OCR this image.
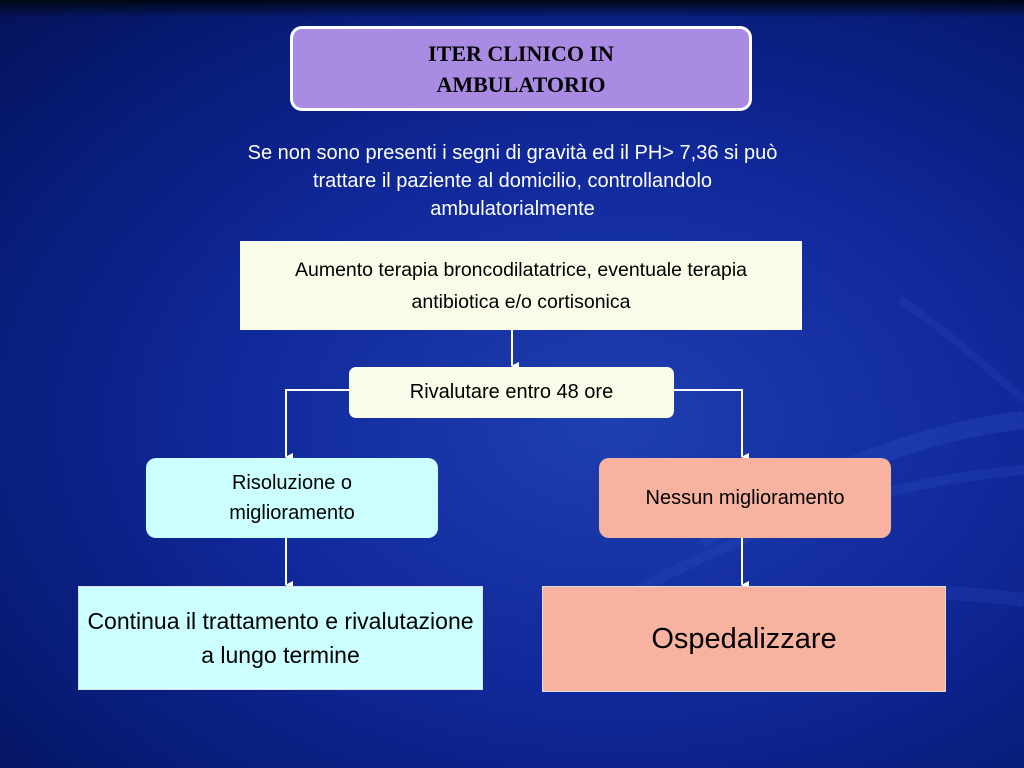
ITER CLINICO IN AMBULATORIO
Se non sono presenti i segni di gravità ed il PH> 7,36 si può trattare il paziente al domicilio, controllandolo ambulatorialmente
Aumento terapia broncodilatatrice, eventuale terapia antibiotica e/o cortisonica
Rivalutare entro 48 ore
Risoluzione o miglioramento
Nessun miglioramento
Continua il trattamento e rivalutazione a lungo termine
Ospedalizzare
